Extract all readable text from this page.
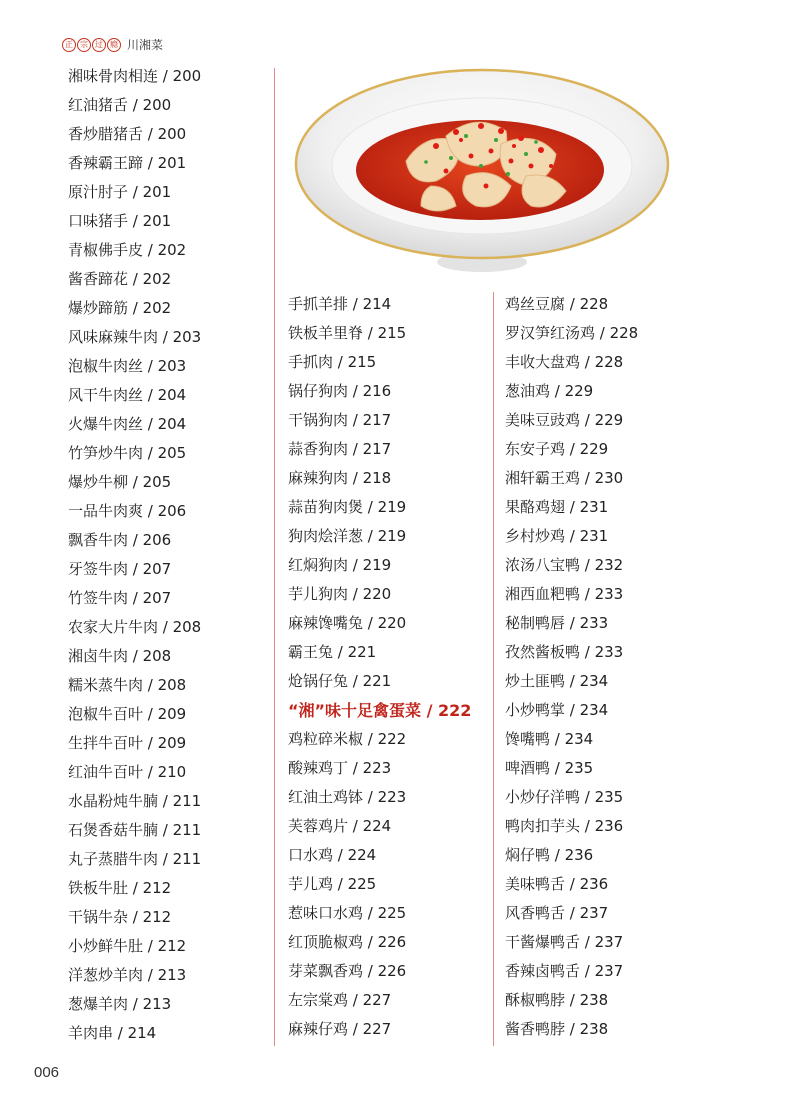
正 宗 过 瘾 川湘菜
湘味骨肉相连 / 200
红油猪舌 / 200
香炒腊猪舌 / 200
香辣霸王蹄 / 201
原汁肘子 / 201
口味猪手 / 201
青椒佛手皮 / 202
酱香蹄花 / 202
爆炒蹄筋 / 202
风味麻辣牛肉 / 203
泡椒牛肉丝 / 203
风干牛肉丝 / 204
火爆牛肉丝 / 204
竹笋炒牛肉 / 205
爆炒牛柳 / 205
一品牛肉爽 / 206
飘香牛肉 / 206
牙签牛肉 / 207
竹签牛肉 / 207
农家大片牛肉 / 208
湘卤牛肉 / 208
糯米蒸牛肉 / 208
泡椒牛百叶 / 209
生拌牛百叶 / 209
红油牛百叶 / 210
水晶粉炖牛腩 / 211
石煲香菇牛腩 / 211
丸子蒸腊牛肉 / 211
铁板牛肚 / 212
干锅牛杂 / 212
小炒鲜牛肚 / 212
洋葱炒羊肉 / 213
葱爆羊肉 / 213
羊肉串 / 214
手抓羊排 / 214
铁板羊里脊 / 215
手抓肉 / 215
锅仔狗肉 / 216
干锅狗肉 / 217
蒜香狗肉 / 217
麻辣狗肉 / 218
蒜苗狗肉煲 / 219
狗肉烩洋葱 / 219
红焖狗肉 / 219
芋儿狗肉 / 220
麻辣馋嘴兔 / 220
霸王兔 / 221
炝锅仔兔 / 221
“湘”味十足禽蛋菜 / 222
鸡粒碎米椒 / 222
酸辣鸡丁 / 223
红油土鸡钵 / 223
芙蓉鸡片 / 224
口水鸡 / 224
芋儿鸡 / 225
惹味口水鸡 / 225
红顶脆椒鸡 / 226
芽菜飘香鸡 / 226
左宗棠鸡 / 227
麻辣仔鸡 / 227
鸡丝豆腐 / 228
罗汉笋红汤鸡 / 228
丰收大盘鸡 / 228
葱油鸡 / 229
美味豆豉鸡 / 229
东安子鸡 / 229
湘轩霸王鸡 / 230
果酪鸡翅 / 231
乡村炒鸡 / 231
浓汤八宝鸭 / 232
湘西血粑鸭 / 233
秘制鸭唇 / 233
孜然酱板鸭 / 233
炒土匪鸭 / 234
小炒鸭掌 / 234
馋嘴鸭 / 234
啤酒鸭 / 235
小炒仔洋鸭 / 235
鸭肉扣芋头 / 236
焖仔鸭 / 236
美味鸭舌 / 236
风香鸭舌 / 237
干酱爆鸭舌 / 237
香辣卤鸭舌 / 237
酥椒鸭脖 / 238
酱香鸭脖 / 238
006
